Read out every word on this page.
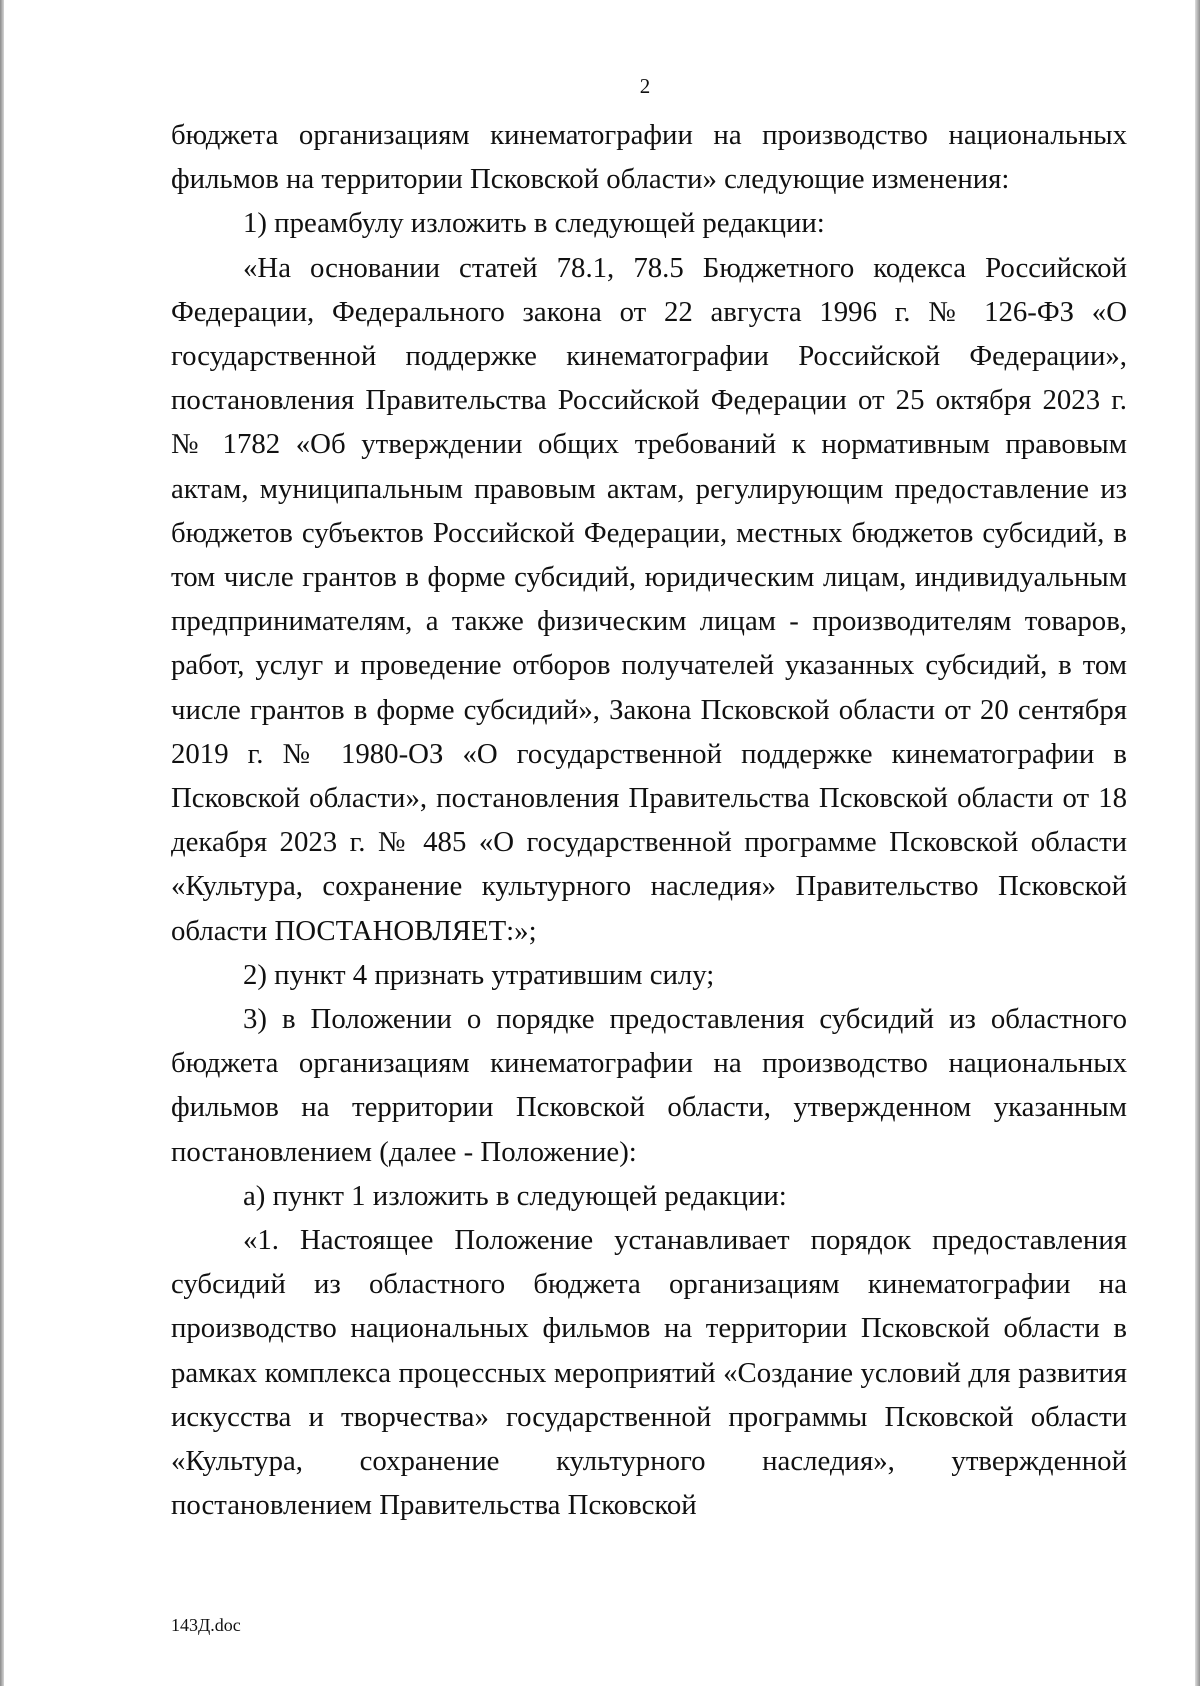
2

бюджета организациям кинематографии на производство национальных фильмов на территории Псковской области» следующие изменения:

1) преамбулу изложить в следующей редакции:

«На основании статей 78.1, 78.5 Бюджетного кодекса Российской Федерации, Федерального закона от 22 августа 1996 г. № 126-ФЗ «О государственной поддержке кинематографии Российской Федерации», постановления Правительства Российской Федерации от 25 октября 2023 г. № 1782 «Об утверждении общих требований к нормативным правовым актам, муниципальным правовым актам, регулирующим предоставление из бюджетов субъектов Российской Федерации, местных бюджетов субсидий, в том числе грантов в форме субсидий, юридическим лицам, индивидуальным предпринимателям, а также физическим лицам - производителям товаров, работ, услуг и проведение отборов получателей указанных субсидий, в том числе грантов в форме субсидий», Закона Псковской области от 20 сентября 2019 г. № 1980-ОЗ «О государственной поддержке кинематографии в Псковской области», постановления Правительства Псковской области от 18 декабря 2023 г. № 485 «О государственной программе Псковской области «Культура, сохранение культурного наследия» Правительство Псковской области ПОСТАНОВЛЯЕТ:»;

2) пункт 4 признать утратившим силу;

3) в Положении о порядке предоставления субсидий из областного бюджета организациям кинематографии на производство национальных фильмов на территории Псковской области, утвержденном указанным постановлением (далее - Положение):

а) пункт 1 изложить в следующей редакции:

«1. Настоящее Положение устанавливает порядок предоставления субсидий из областного бюджета организациям кинематографии на производство национальных фильмов на территории Псковской области в рамках комплекса процессных мероприятий «Создание условий для развития искусства и творчества» государственной программы Псковской области «Культура, сохранение культурного наследия», утвержденной постановлением Правительства Псковской

143Д.doc
